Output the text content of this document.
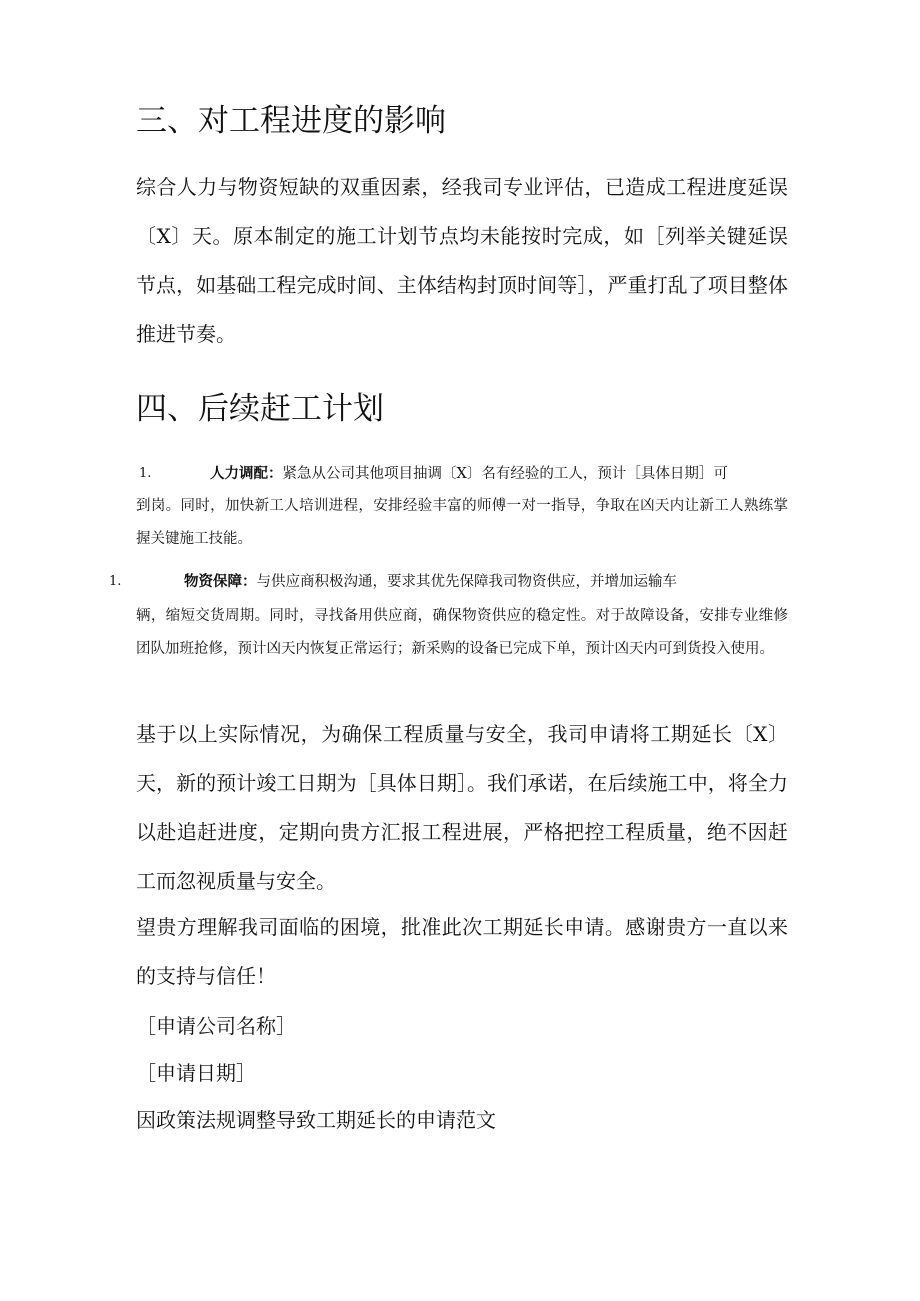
三、对工程进度的影响

综合人力与物资短缺的双重因素，经我司专业评估，已造成工程进度延误〔X〕天。原本制定的施工计划节点均未能按时完成，如［列举关键延误节点，如基础工程完成时间、主体结构封顶时间等］，严重打乱了项目整体推进节奏。

四、后续赶工计划
1.	人力调配：紧急从公司其他项目抽调〔X〕名有经验的工人，预计［具体日期］可

到岗。同时，加快新工人培训进程，安排经验丰富的师傅一对一指导，争取在凶天内让新工人熟练掌握关键施工技能。

1.	物资保障：与供应商积极沟通，要求其优先保障我司物资供应，并增加运输车

辆，缩短交货周期。同时，寻找备用供应商，确保物资供应的稳定性。对于故障设备，安排专业维修团队加班抢修，预计凶天内恢复正常运行；新采购的设备已完成下单，预计凶天内可到货投入使用。

基于以上实际情况，为确保工程质量与安全，我司申请将工期延长〔X〕天，新的预计竣工日期为［具体日期］。我们承诺，在后续施工中，将全力以赴追赶进度，定期向贵方汇报工程进展，严格把控工程质量，绝不因赶工而忽视质量与安全。

望贵方理解我司面临的困境，批准此次工期延长申请。感谢贵方一直以来的支持与信任！

［申请公司名称］

［申请日期］

因政策法规调整导致工期延长的申请范文
